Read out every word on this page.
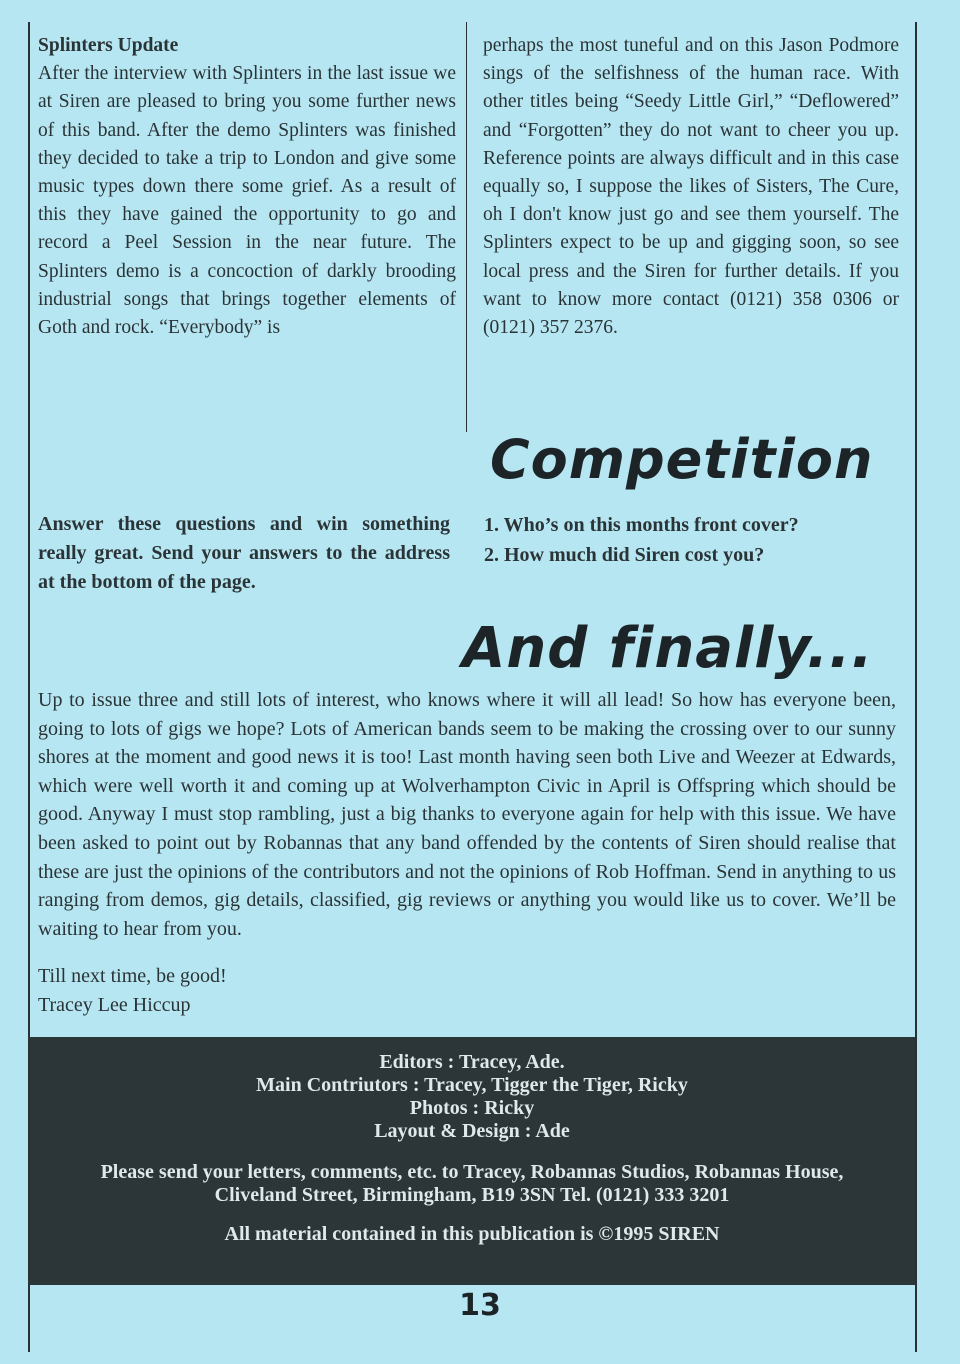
Splinters Update
After the interview with Splinters in the last issue we at Siren are pleased to bring you some further news of this band. After the demo Splinters was finished they decided to take a trip to London and give some music types down there some grief. As a result of this they have gained the opportunity to go and record a Peel Session in the near future. The Splinters demo is a concoction of darkly brooding industrial songs that brings together elements of Goth and rock. “Everybody” is
perhaps the most tuneful and on this Jason Podmore sings of the selfishness of the human race. With other titles being “Seedy Little Girl,” “Deflowered” and “Forgotten” they do not want to cheer you up. Reference points are always difficult and in this case equally so, I suppose the likes of Sisters, The Cure, oh I don't know just go and see them yourself. The Splinters expect to be up and gigging soon, so see local press and the Siren for further details. If you want to know more contact (0121) 358 0306 or (0121) 357 2376.
Competition
Answer these questions and win something really great. Send your answers to the address at the bottom of the page.
1. Who’s on this months front cover?
2. How much did Siren cost you?
And finally...

Up to issue three and still lots of interest, who knows where it will all lead! So how has everyone been, going to lots of gigs we hope? Lots of American bands seem to be making the crossing over to our sunny shores at the moment and good news it is too! Last month having seen both Live and Weezer at Edwards, which were well worth it and coming up at Wolverhampton Civic in April is Offspring which should be good. Anyway I must stop rambling, just a big thanks to everyone again for help with this issue. We have been asked to point out by Robannas that any band offended by the contents of Siren should realise that these are just the opinions of the contributors and not the opinions of Rob Hoffman. Send in anything to us ranging from demos, gig details, classified, gig reviews or anything you would like us to cover. We’ll be waiting to hear from you.

Till next time, be good!
Tracey Lee Hiccup
Editors : Tracey, Ade.
Main Contriutors : Tracey, Tigger the Tiger, Ricky
Photos : Ricky
Layout & Design : Ade
Please send your letters, comments, etc. to Tracey, Robannas Studios, Robannas House, Cliveland Street, Birmingham, B19 3SN Tel. (0121) 333 3201
All material contained in this publication is ©1995 SIREN
13
